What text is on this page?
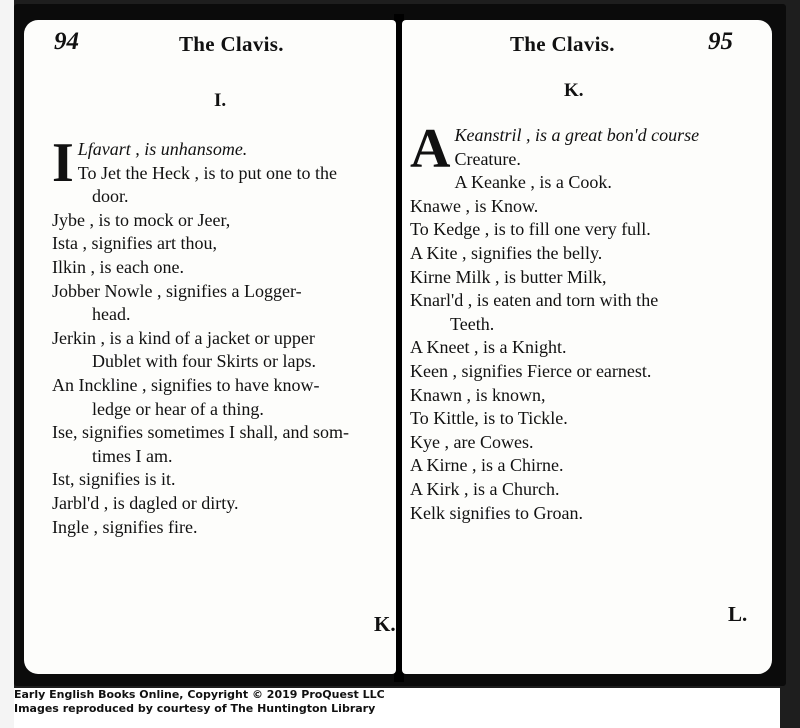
94	The Clavis.
I.
I Lfavart , is unhansome.
To Jet the Heck , is to put one to the
door.
Jybe , is to mock or Jeer,
Ista , signifies art thou,
Ilkin , is each one.
Jobber Nowle , signifies a Logger-
head.
Jerkin , is a kind of a jacket or upper
Dublet with four Skirts or laps.
An Inckline , signifies to have know-
ledge or hear of a thing.
Ise, signifies sometimes I shall, and som-
times I am.
Ist, signifies is it.
Jarbl'd , is dagled or dirty.
Ingle , signifies fire.
K.
The Clavis.	95
K.
A Keanstril , is a great bon'd course
Creature.
A Keanke , is a Cook.
Knawe , is Know.
To Kedge , is to fill one very full.
A Kite , signifies the belly.
Kirne Milk , is butter Milk,
Knarl'd , is eaten and torn with the
Teeth.
A Kneet , is a Knight.
Keen , signifies Fierce or earnest.
Knawn , is known,
To Kittle, is to Tickle.
Kye , are Cowes.
A Kirne , is a Chirne.
A Kirk , is a Church.
Kelk signifies to Groan.
L.
Early English Books Online, Copyright © 2019 ProQuest LLC
Images reproduced by courtesy of The Huntington Library
